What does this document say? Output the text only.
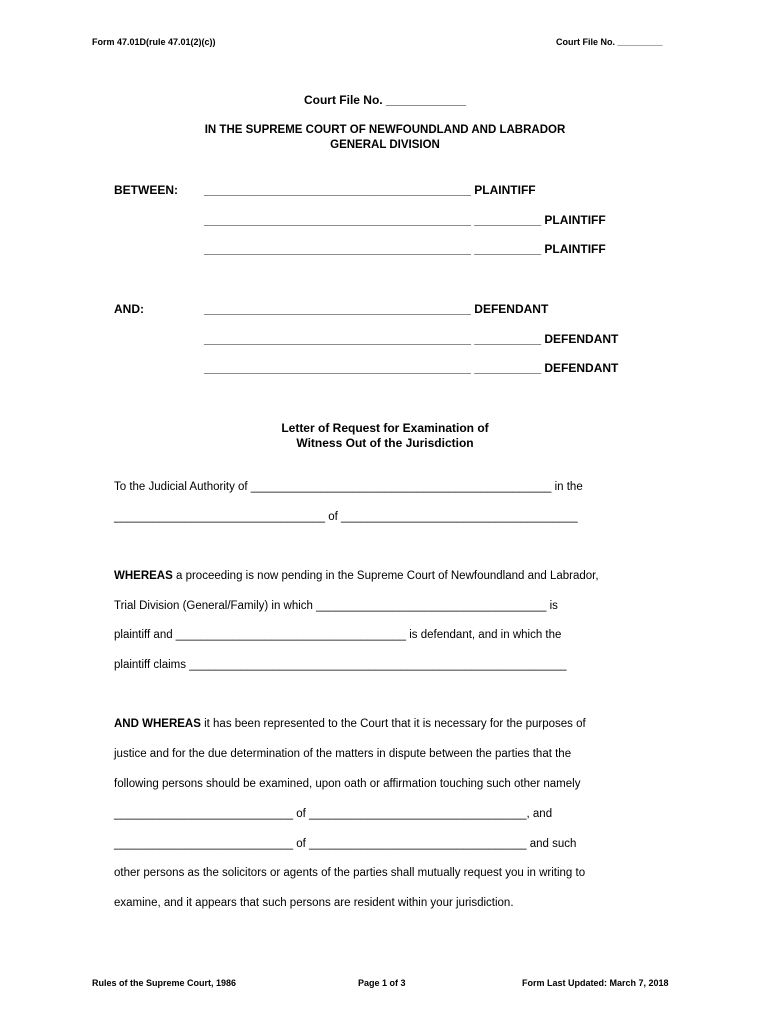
Form 47.01D(rule 47.01(2)(c))	Court File No. _________
Court File No. ____________
IN THE SUPREME COURT OF NEWFOUNDLAND AND LABRADOR
GENERAL DIVISION
BETWEEN: ________________________________________ PLAINTIFF
________________________________________ __________ PLAINTIFF
________________________________________ __________ PLAINTIFF
AND:	________________________________________ DEFENDANT
________________________________________ __________ DEFENDANT
________________________________________ __________ DEFENDANT
Letter of Request for Examination of
Witness Out of the Jurisdiction
To the Judicial Authority of _______________________________________________ in the
_________________________________ of _____________________________________
WHEREAS a proceeding is now pending in the Supreme Court of Newfoundland and Labrador,
Trial Division (General/Family) in which ____________________________________ is
plaintiff and ____________________________________ is defendant, and in which the
plaintiff claims ___________________________________________________________
AND WHEREAS it has been represented to the Court that it is necessary for the purposes of
justice and for the due determination of the matters in dispute between the parties that the
following persons should be examined, upon oath or affirmation touching such other namely
____________________________ of __________________________________, and
____________________________ of __________________________________ and such
other persons as the solicitors or agents of the parties shall mutually request you in writing to
examine, and it appears that such persons are resident within your jurisdiction.
Rules of the Supreme Court, 1986	Page 1 of 3	Form Last Updated: March 7, 2018
